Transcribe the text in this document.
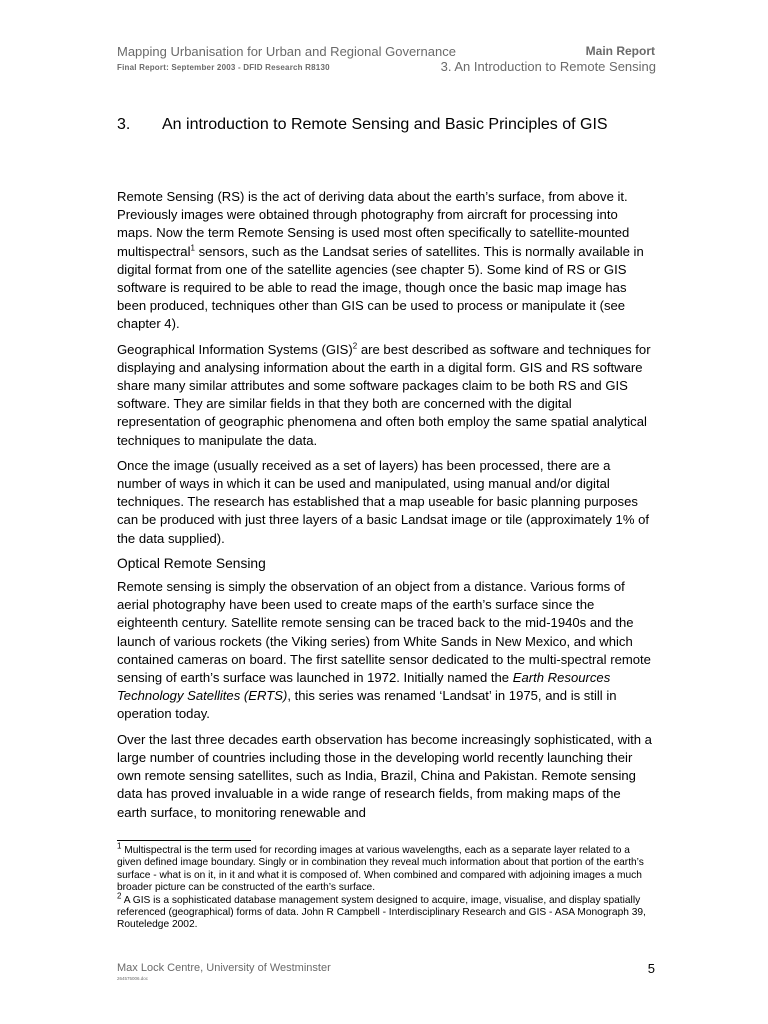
Mapping Urbanisation for Urban and Regional Governance	Main Report
Final Report: September 2003 - DFID Research R8130	3. An Introduction to Remote Sensing
3. An introduction to Remote Sensing and Basic Principles of GIS

Remote Sensing (RS) is the act of deriving data about the earth’s surface, from above it. Previously images were obtained through photography from aircraft for processing into maps. Now the term Remote Sensing is used most often specifically to satellite-mounted multispectral$^1$ sensors, such as the Landsat series of satellites. This is normally available in digital format from one of the satellite agencies (see chapter 5). Some kind of RS or GIS software is required to be able to read the image, though once the basic map image has been produced, techniques other than GIS can be used to process or manipulate it (see chapter 4).

Geographical Information Systems (GIS)$^2$ are best described as software and techniques for displaying and analysing information about the earth in a digital form. GIS and RS software share many similar attributes and some software packages claim to be both RS and GIS software. They are similar fields in that they both are concerned with the digital representation of geographic phenomena and often both employ the same spatial analytical techniques to manipulate the data.

Once the image (usually received as a set of layers) has been processed, there are a number of ways in which it can be used and manipulated, using manual and/or digital techniques. The research has established that a map useable for basic planning purposes can be produced with just three layers of a basic Landsat image or tile (approximately 1% of the data supplied).

Optical Remote Sensing

Remote sensing is simply the observation of an object from a distance. Various forms of aerial photography have been used to create maps of the earth’s surface since the eighteenth century. Satellite remote sensing can be traced back to the mid-1940s and the launch of various rockets (the Viking series) from White Sands in New Mexico, and which contained cameras on board. The first satellite sensor dedicated to the multi-spectral remote sensing of earth’s surface was launched in 1972. Initially named the Earth Resources Technology Satellites (ERTS), this series was renamed ‘Landsat’ in 1975, and is still in operation today.

Over the last three decades earth observation has become increasingly sophisticated, with a large number of countries including those in the developing world recently launching their own remote sensing satellites, such as India, Brazil, China and Pakistan. Remote sensing data has proved invaluable in a wide range of research fields, from making maps of the earth surface, to monitoring renewable and

$^1$ Multispectral is the term used for recording images at various wavelengths, each as a separate layer related to a given defined image boundary. Singly or in combination they reveal much information about that portion of the earth’s surface - what is on it, in it and what it is composed of. When combined and compared with adjoining images a much broader picture can be constructed of the earth’s surface.

$^2$ A GIS is a sophisticated database management system designed to acquire, image, visualise, and display spatially referenced (geographical) forms of data. John R Campbell - Interdisciplinary Research and GIS - ASA Monograph 39, Routeledge 2002.

Max Lock Centre, University of Westminster
264575006.doc
5
